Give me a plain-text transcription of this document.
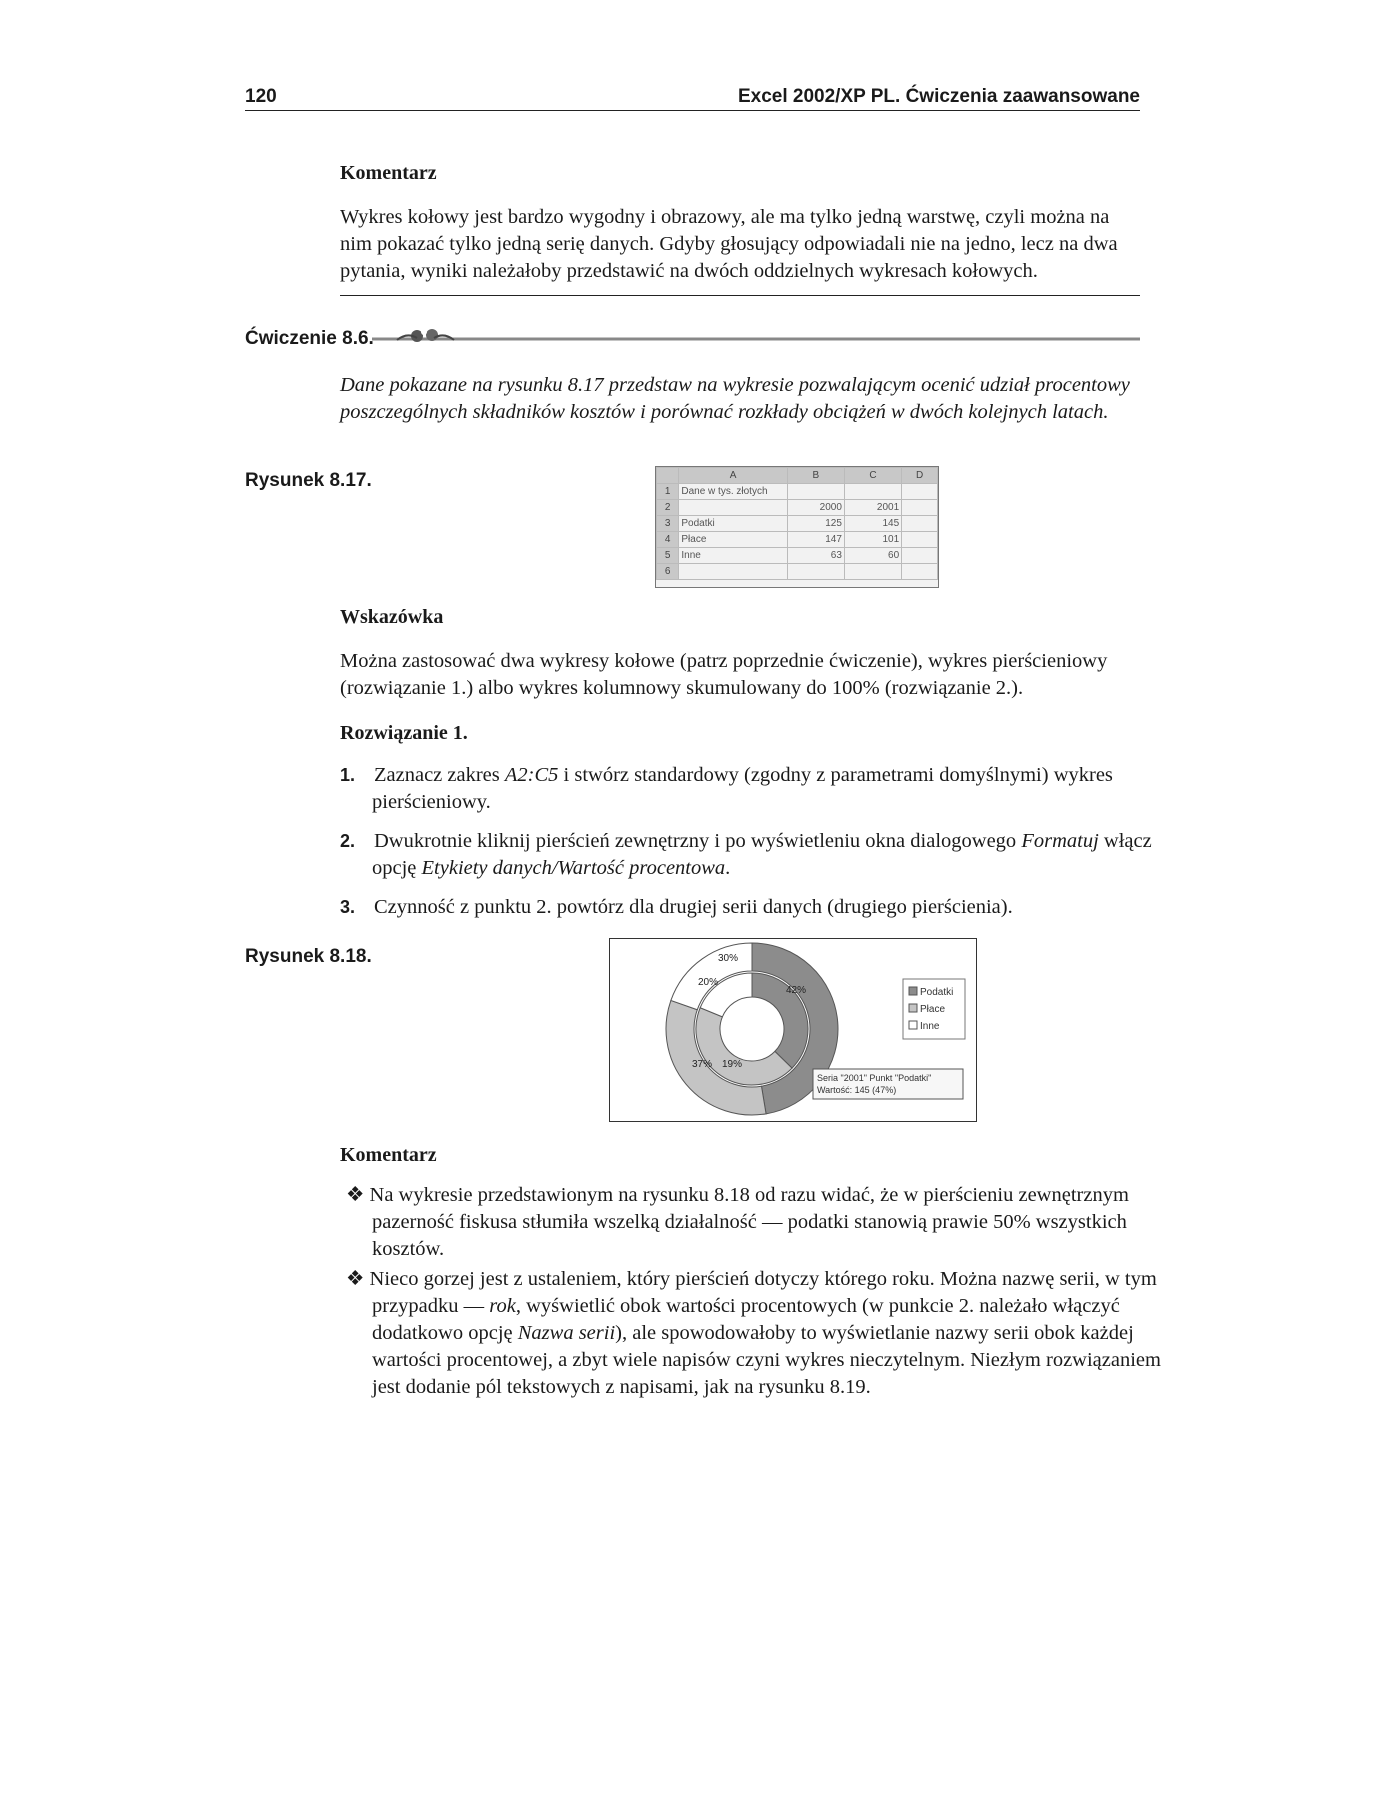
120	Excel 2002/XP PL. Ćwiczenia zaawansowane
Komentarz

Wykres kołowy jest bardzo wygodny i obrazowy, ale ma tylko jedną warstwę, czyli można na nim pokazać tylko jedną serię danych. Gdyby głosujący odpowiadali nie na jedno, lecz na dwa pytania, wyniki należałoby przedstawić na dwóch oddzielnych wykresach kołowych.

Ćwiczenie 8.6.

Dane pokazane na rysunku 8.17 przedstaw na wykresie pozwalającym ocenić udział procentowy poszczególnych składników kosztów i porównać rozkłady obciążeń w dwóch kolejnych latach.

Rysunek 8.17.
		A	B	C	D
1	Dane w tys. złotych			
2		2000	2001	
3	Podatki	125	145	
4	Płace	147	101	
5	Inne	63	60	
6				
Wskazówka

Można zastosować dwa wykresy kołowe (patrz poprzednie ćwiczenie), wykres pierścieniowy (rozwiązanie 1.) albo wykres kolumnowy skumulowany do 100% (rozwiązanie 2.).

Rozwiązanie 1.
1. Zaznacz zakres A2:C5 i stwórz standardowy (zgodny z parametrami domyślnymi) wykres pierścieniowy.
2. Dwukrotnie kliknij pierścień zewnętrzny i po wyświetleniu okna dialogowego Formatuj włącz opcję Etykiety danych/Wartość procentowa.
3. Czynność z punktu 2. powtórz dla drugiej serii danych (drugiego pierścienia).
Rysunek 8.18.	30%
20%
42%
37% 19%
Podatki
Płace
Inne
Seria "2001" Punkt "Podatki"
Wartość: 145 (47%)
Komentarz
❖ Na wykresie przedstawionym na rysunku 8.18 od razu widać, że w pierścieniu zewnętrznym pazerność fiskusa stłumiła wszelką działalność — podatki stanowią prawie 50% wszystkich kosztów.
❖ Nieco gorzej jest z ustaleniem, który pierścień dotyczy którego roku. Można nazwę serii, w tym przypadku — rok, wyświetlić obok wartości procentowych (w punkcie 2. należało włączyć dodatkowo opcję Nazwa serii), ale spowodowałoby to wyświetlanie nazwy serii obok każdej wartości procentowej, a zbyt wiele napisów czyni wykres nieczytelnym. Niezłym rozwiązaniem jest dodanie pól tekstowych z napisami, jak na rysunku 8.19.
